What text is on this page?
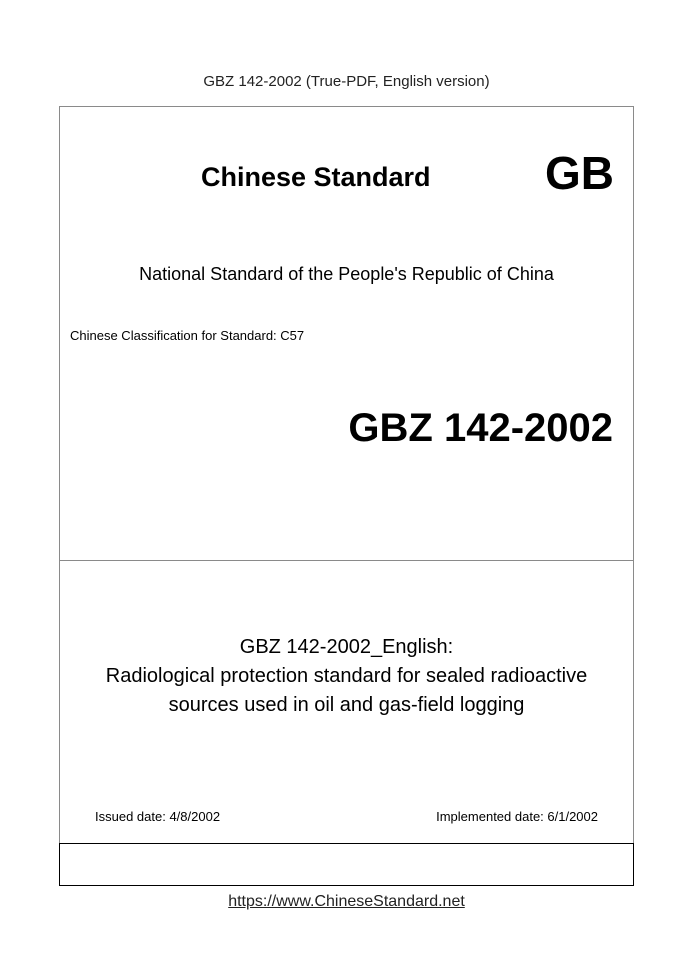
GBZ 142-2002 (True-PDF, English version)
Chinese Standard GB
National Standard of the People's Republic of China
Chinese Classification for Standard: C57
GBZ 142-2002
GBZ 142-2002_English:
Radiological protection standard for sealed radioactive
sources used in oil and gas-field logging
Issued date: 4/8/2002	Implemented date: 6/1/2002
https://www.ChineseStandard.net
